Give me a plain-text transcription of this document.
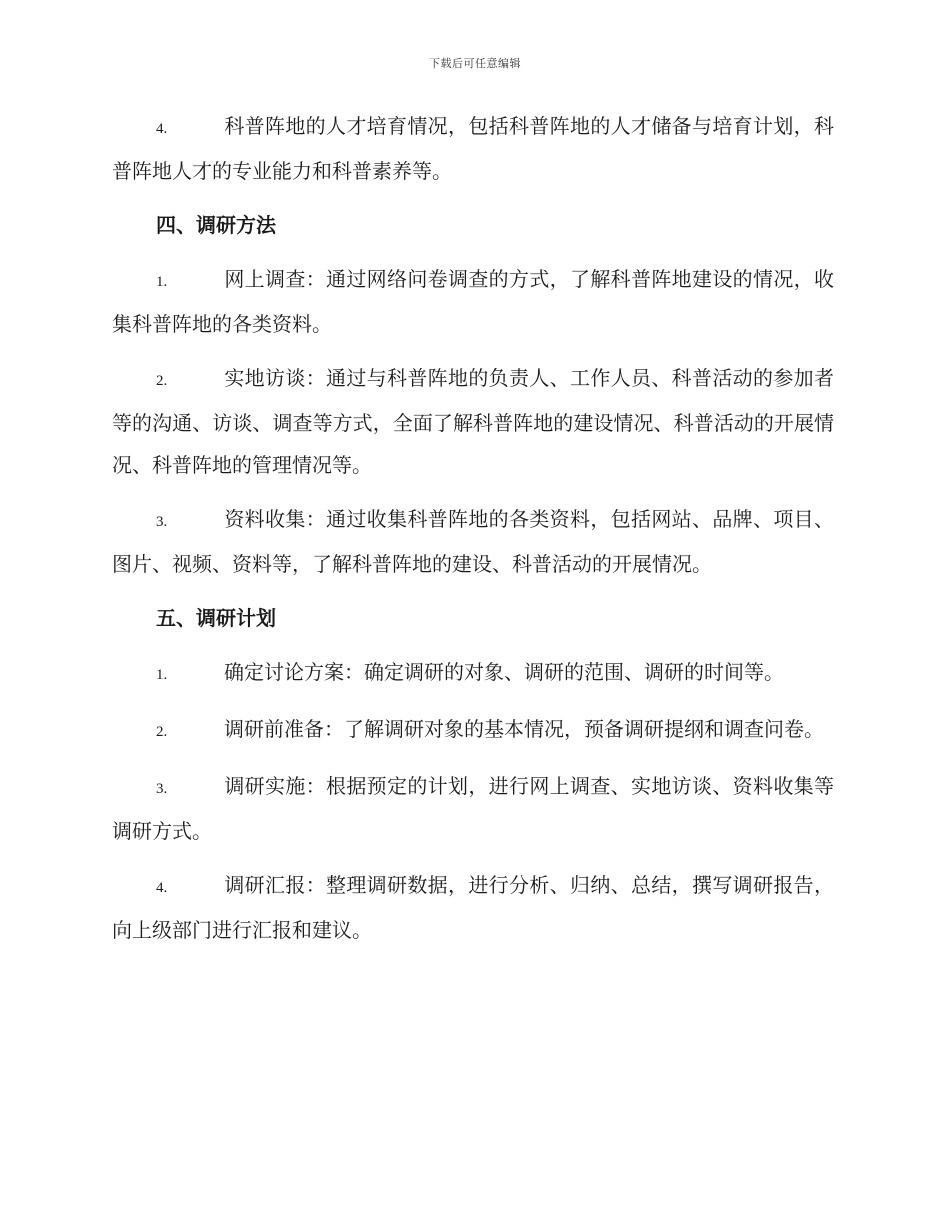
下载后可任意编辑

4.	科普阵地的人才培育情况，包括科普阵地的人才储备与培育计划，科普阵地人才的专业能力和科普素养等。

四、调研方法

1.	网上调查：通过网络问卷调查的方式，了解科普阵地建设的情况，收集科普阵地的各类资料。

2.	实地访谈：通过与科普阵地的负责人、工作人员、科普活动的参加者等的沟通、访谈、调查等方式，全面了解科普阵地的建设情况、科普活动的开展情况、科普阵地的管理情况等。

3.	资料收集：通过收集科普阵地的各类资料，包括网站、品牌、项目、图片、视频、资料等，了解科普阵地的建设、科普活动的开展情况。

五、调研计划

1.	确定讨论方案：确定调研的对象、调研的范围、调研的时间等。

2.	调研前准备：了解调研对象的基本情况，预备调研提纲和调查问卷。

3.	调研实施：根据预定的计划，进行网上调查、实地访谈、资料收集等调研方式。

4.	调研汇报：整理调研数据，进行分析、归纳、总结，撰写调研报告，向上级部门进行汇报和建议。
